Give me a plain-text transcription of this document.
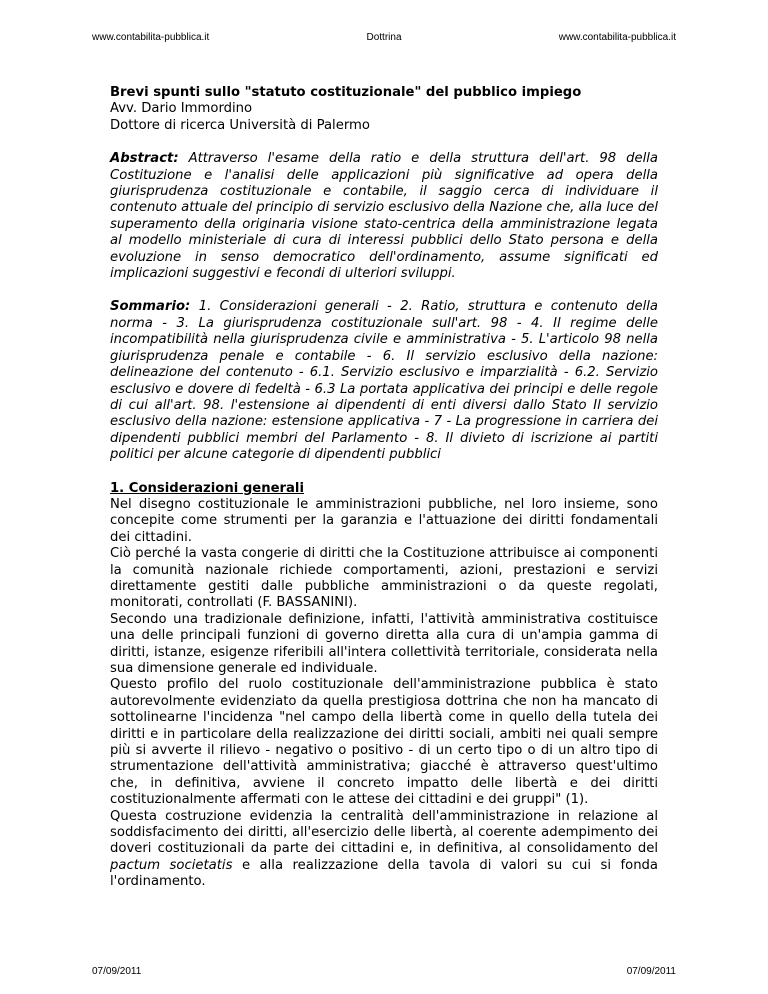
www.contabilita-pubblica.it	Dottrina	www.contabilita-pubblica.it

Brevi spunti sullo "statuto costituzionale" del pubblico impiego

Avv. Dario Immordino

Dottore di ricerca Università di Palermo

Abstract: Attraverso l'esame della ratio e della struttura dell'art. 98 della Costituzione e l'analisi delle applicazioni più significative ad opera della giurisprudenza costituzionale e contabile, il saggio cerca di individuare il contenuto attuale del principio di servizio esclusivo della Nazione che, alla luce del superamento della originaria visione stato-centrica della amministrazione legata al modello ministeriale di cura di interessi pubblici dello Stato persona e della evoluzione in senso democratico dell'ordinamento, assume significati ed implicazioni suggestivi e fecondi di ulteriori sviluppi.

Sommario: 1. Considerazioni generali - 2. Ratio, struttura e contenuto della norma - 3. La giurisprudenza costituzionale sull'art. 98 - 4. Il regime delle incompatibilità nella giurisprudenza civile e amministrativa - 5. L'articolo 98 nella giurisprudenza penale e contabile - 6. Il servizio esclusivo della nazione: delineazione del contenuto - 6.1. Servizio esclusivo e imparzialità - 6.2. Servizio esclusivo e dovere di fedeltà - 6.3 La portata applicativa dei principi e delle regole di cui all'art. 98. l'estensione ai dipendenti di enti diversi dallo Stato Il servizio esclusivo della nazione: estensione applicativa - 7 - La progressione in carriera dei dipendenti pubblici membri del Parlamento - 8. Il divieto di iscrizione ai partiti politici per alcune categorie di dipendenti pubblici

1. Considerazioni generali

Nel disegno costituzionale le amministrazioni pubbliche, nel loro insieme, sono concepite come strumenti per la garanzia e l'attuazione dei diritti fondamentali dei cittadini.

Ciò perché la vasta congerie di diritti che la Costituzione attribuisce ai componenti la comunità nazionale richiede comportamenti, azioni, prestazioni e servizi direttamente gestiti dalle pubbliche amministrazioni o da queste regolati, monitorati, controllati (F. BASSANINI).

Secondo una tradizionale definizione, infatti, l'attività amministrativa costituisce una delle principali funzioni di governo diretta alla cura di un'ampia gamma di diritti, istanze, esigenze riferibili all'intera collettività territoriale, considerata nella sua dimensione generale ed individuale.

Questo profilo del ruolo costituzionale dell'amministrazione pubblica è stato autorevolmente evidenziato da quella prestigiosa dottrina che non ha mancato di sottolinearne l'incidenza "nel campo della libertà come in quello della tutela dei diritti e in particolare della realizzazione dei diritti sociali, ambiti nei quali sempre più si avverte il rilievo - negativo o positivo - di un certo tipo o di un altro tipo di strumentazione dell'attività amministrativa; giacché è attraverso quest'ultimo che, in definitiva, avviene il concreto impatto delle libertà e dei diritti costituzionalmente affermati con le attese dei cittadini e dei gruppi" (1).

Questa costruzione evidenzia la centralità dell'amministrazione in relazione al soddisfacimento dei diritti, all'esercizio delle libertà, al coerente adempimento dei doveri costituzionali da parte dei cittadini e, in definitiva, al consolidamento del pactum societatis e alla realizzazione della tavola di valori su cui si fonda l'ordinamento.

07/09/2011	07/09/2011
